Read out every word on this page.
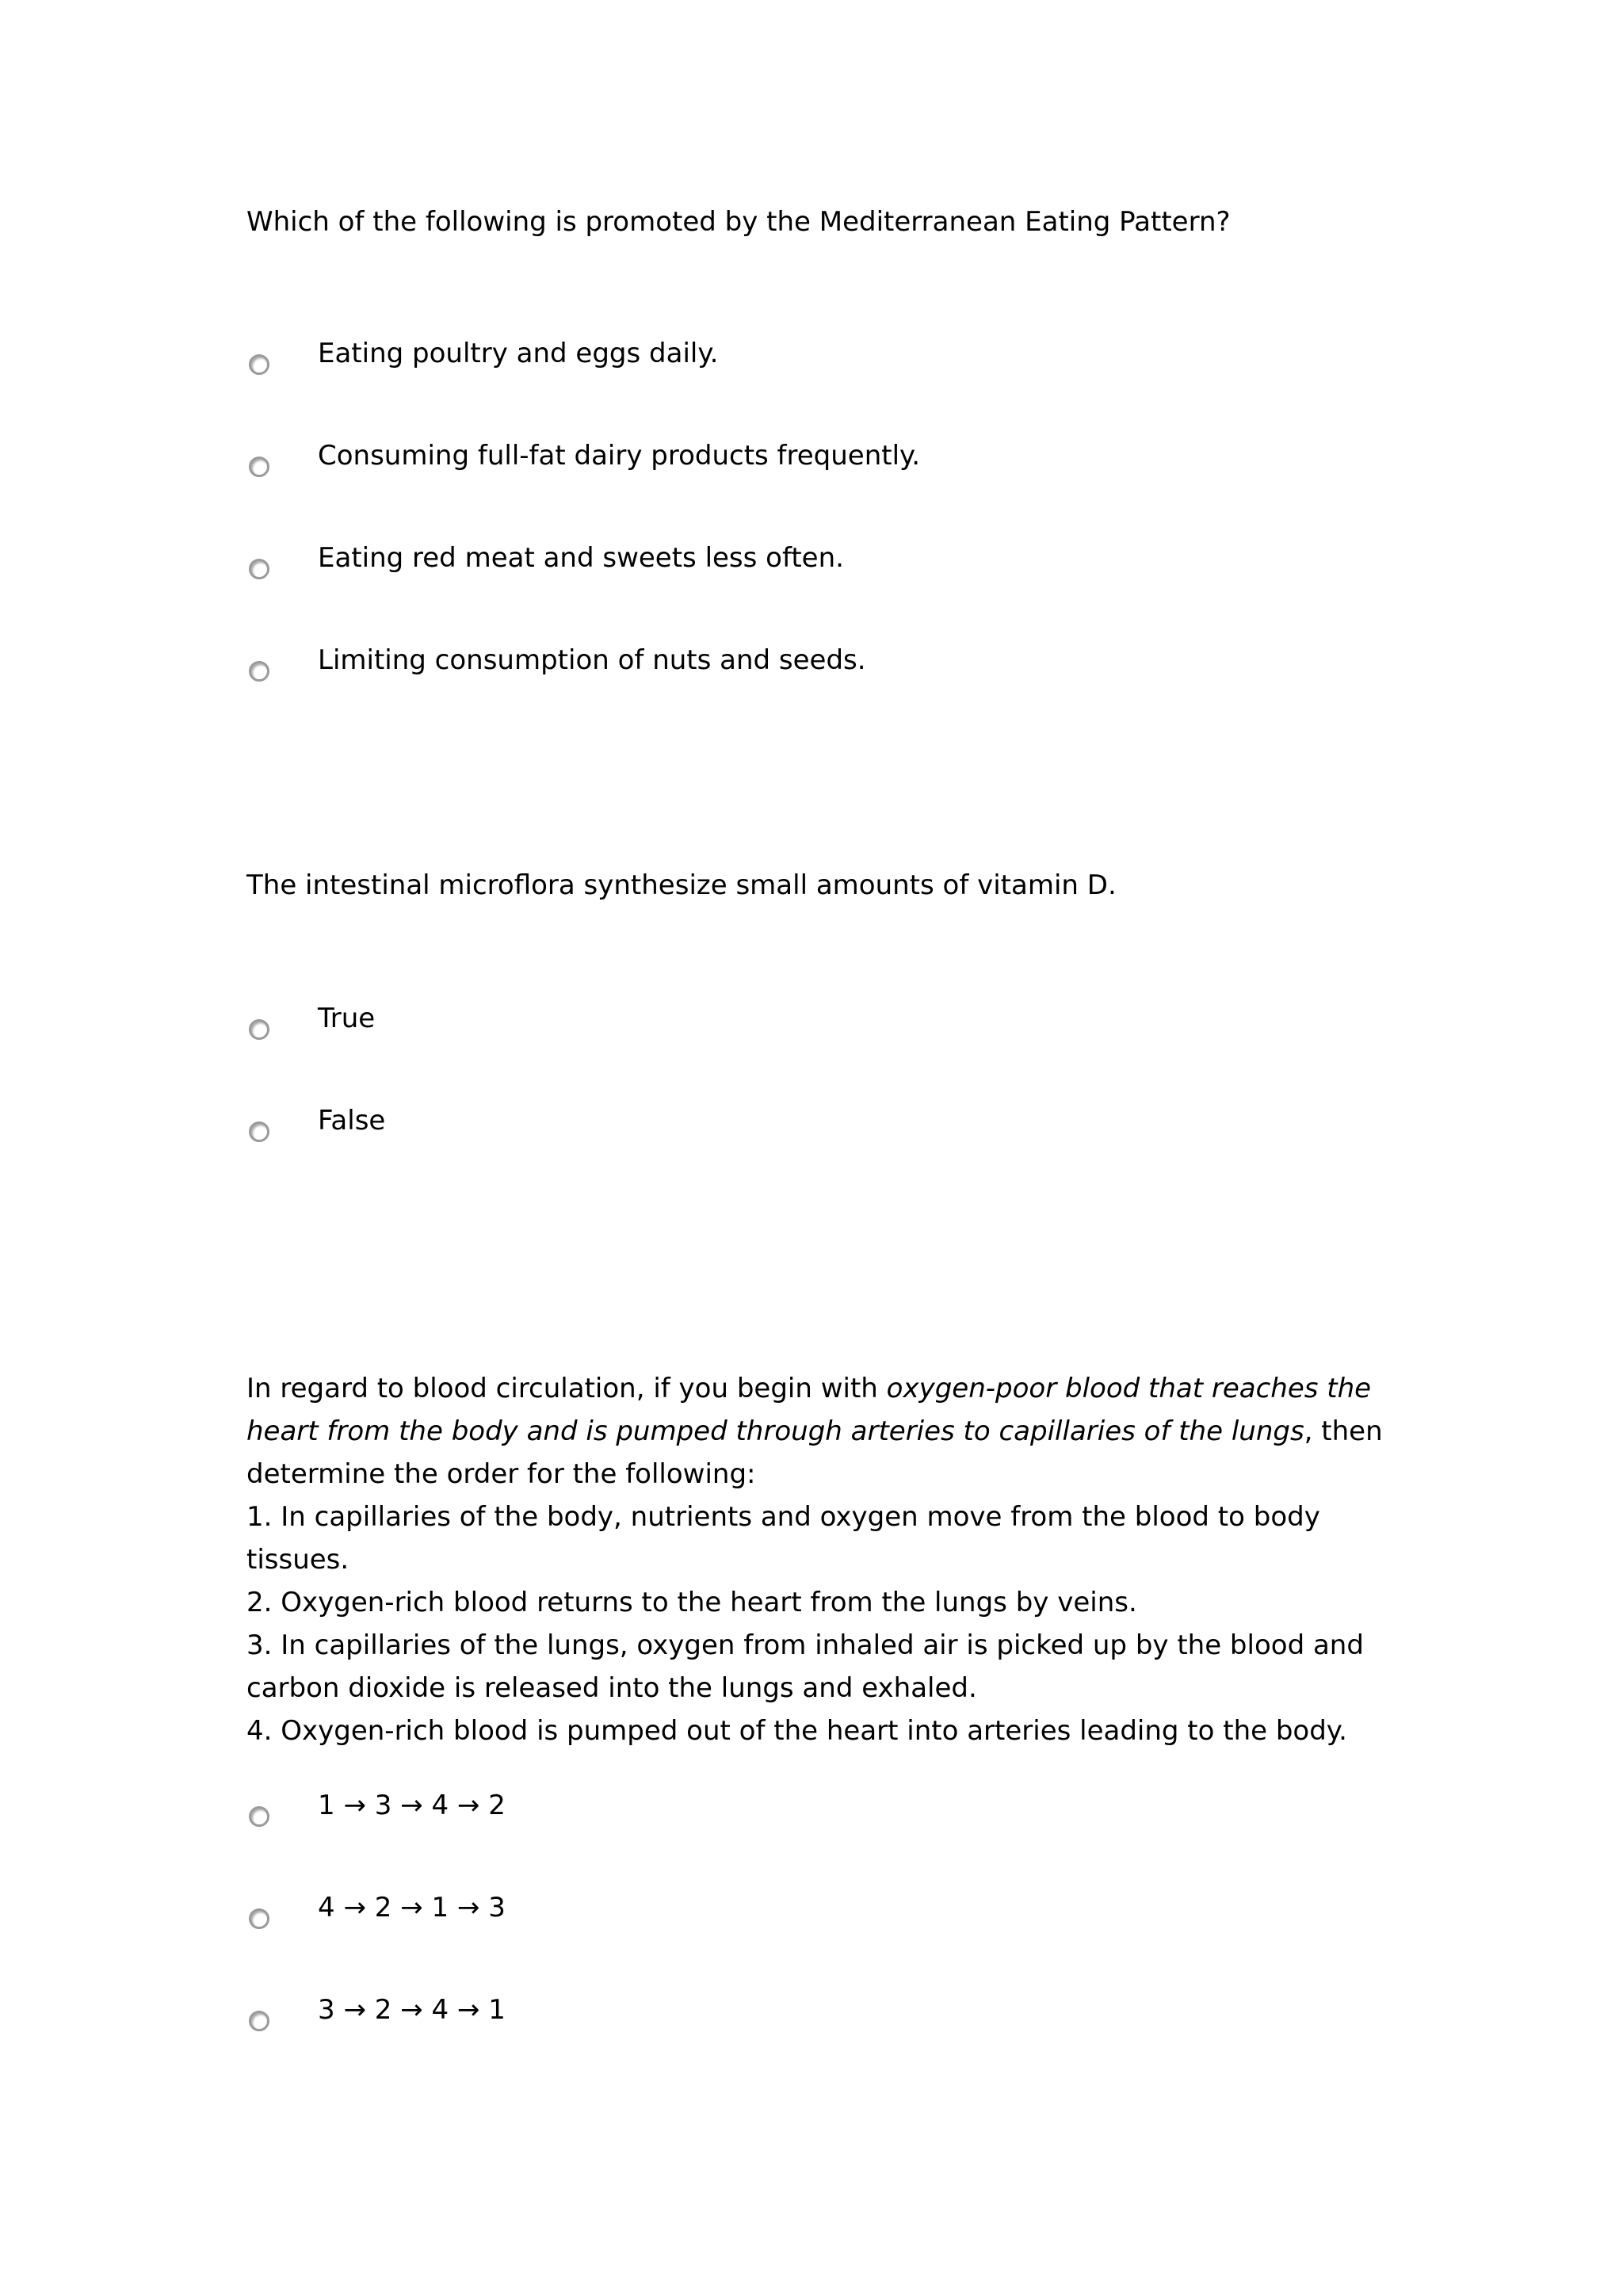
Which of the following is promoted by the Mediterranean Eating Pattern?
Eating poultry and eggs daily.
Consuming full-fat dairy products frequently.
Eating red meat and sweets less often.
Limiting consumption of nuts and seeds.
The intestinal microflora synthesize small amounts of vitamin D.
True
False

In regard to blood circulation, if you begin with oxygen-poor blood that reaches the heart from the body and is pumped through arteries to capillaries of the lungs, then determine the order for the following:

1. In capillaries of the body, nutrients and oxygen move from the blood to body tissues.

2. Oxygen-rich blood returns to the heart from the lungs by veins.

3. In capillaries of the lungs, oxygen from inhaled air is picked up by the blood and carbon dioxide is released into the lungs and exhaled.

4. Oxygen-rich blood is pumped out of the heart into arteries leading to the body.

1 → 3 → 4 → 2
4 → 2 → 1 → 3
3 → 2 → 4 → 1
